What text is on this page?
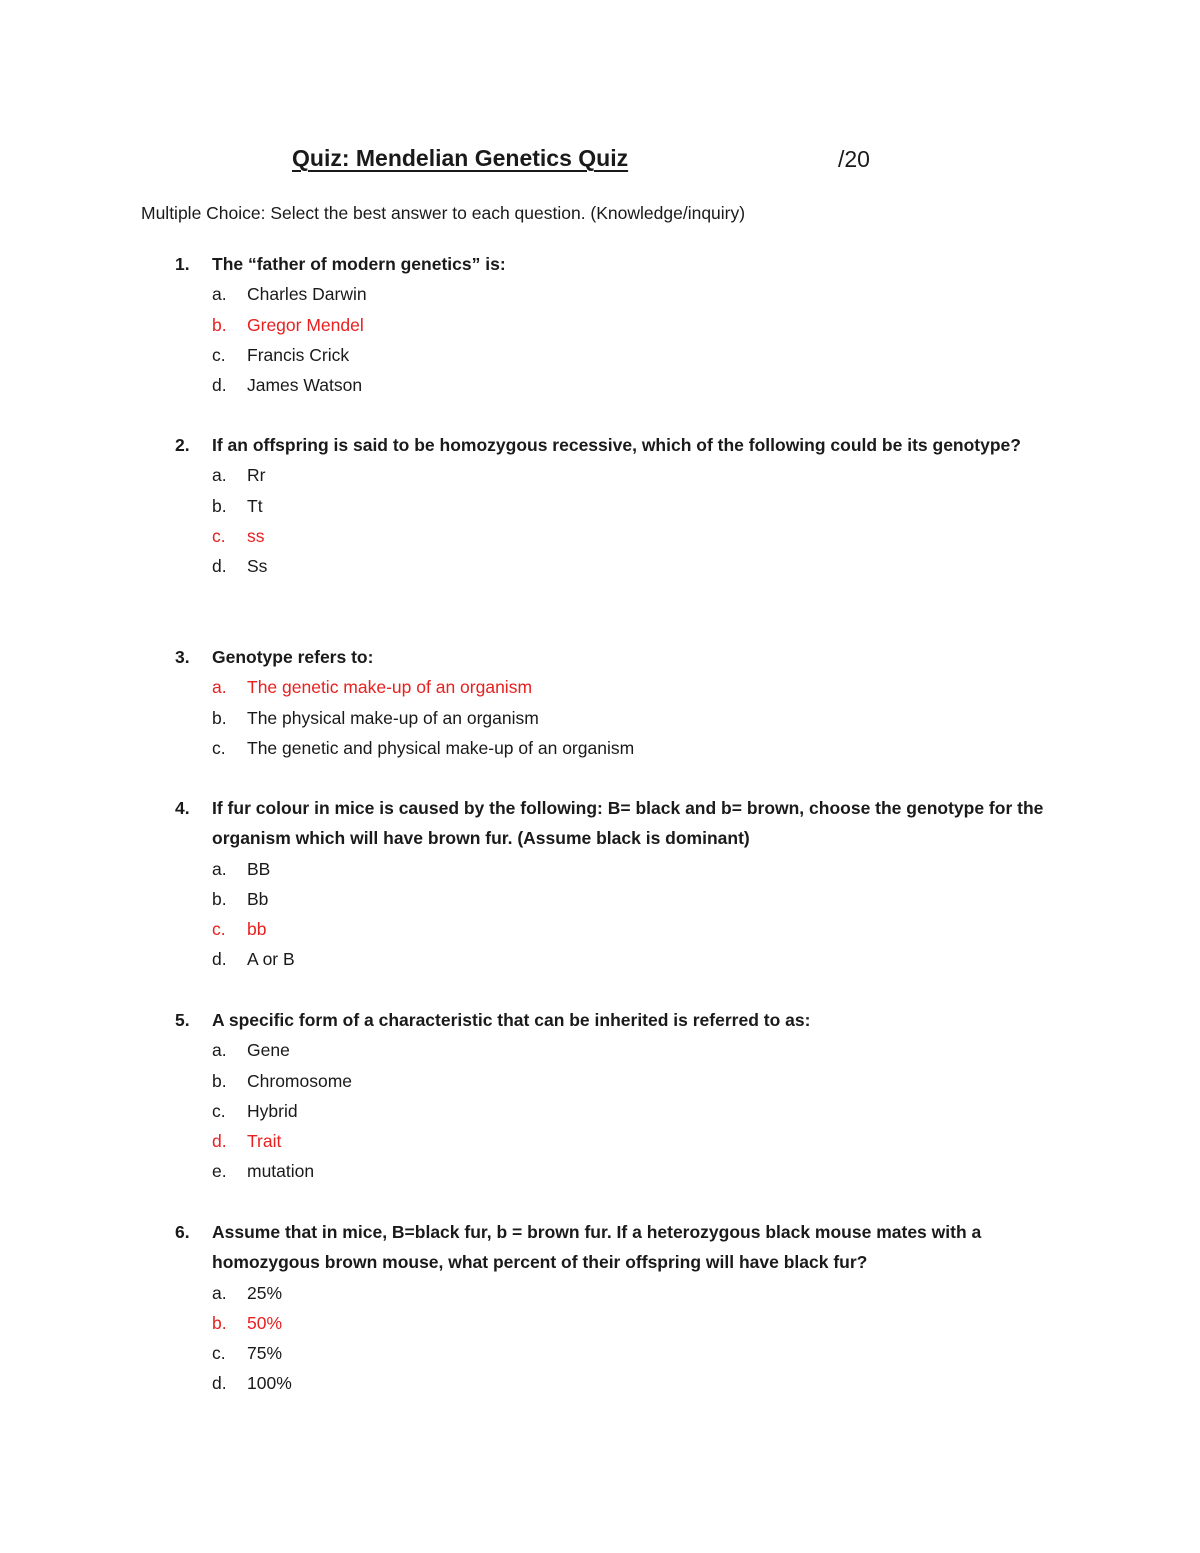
Quiz: Mendelian Genetics Quiz	/20
Multiple Choice: Select the best answer to each question. (Knowledge/inquiry)
1. The “father of modern genetics” is:
a. Charles Darwin
b. Gregor Mendel
c. Francis Crick
d. James Watson
2. If an offspring is said to be homozygous recessive, which of the following could be its genotype?
a. Rr
b. Tt
c. ss
d. Ss
3. Genotype refers to:
a. The genetic make-up of an organism
b. The physical make-up of an organism
c. The genetic and physical make-up of an organism
4. If fur colour in mice is caused by the following: B= black and b= brown, choose the genotype for the organism which will have brown fur. (Assume black is dominant)
a. BB
b. Bb
c. bb
d. A or B
5. A specific form of a characteristic that can be inherited is referred to as:
a. Gene
b. Chromosome
c. Hybrid
d. Trait
e. mutation
6. Assume that in mice, B=black fur, b = brown fur. If a heterozygous black mouse mates with a homozygous brown mouse, what percent of their offspring will have black fur?
a. 25%
b. 50%
c. 75%
d. 100%
